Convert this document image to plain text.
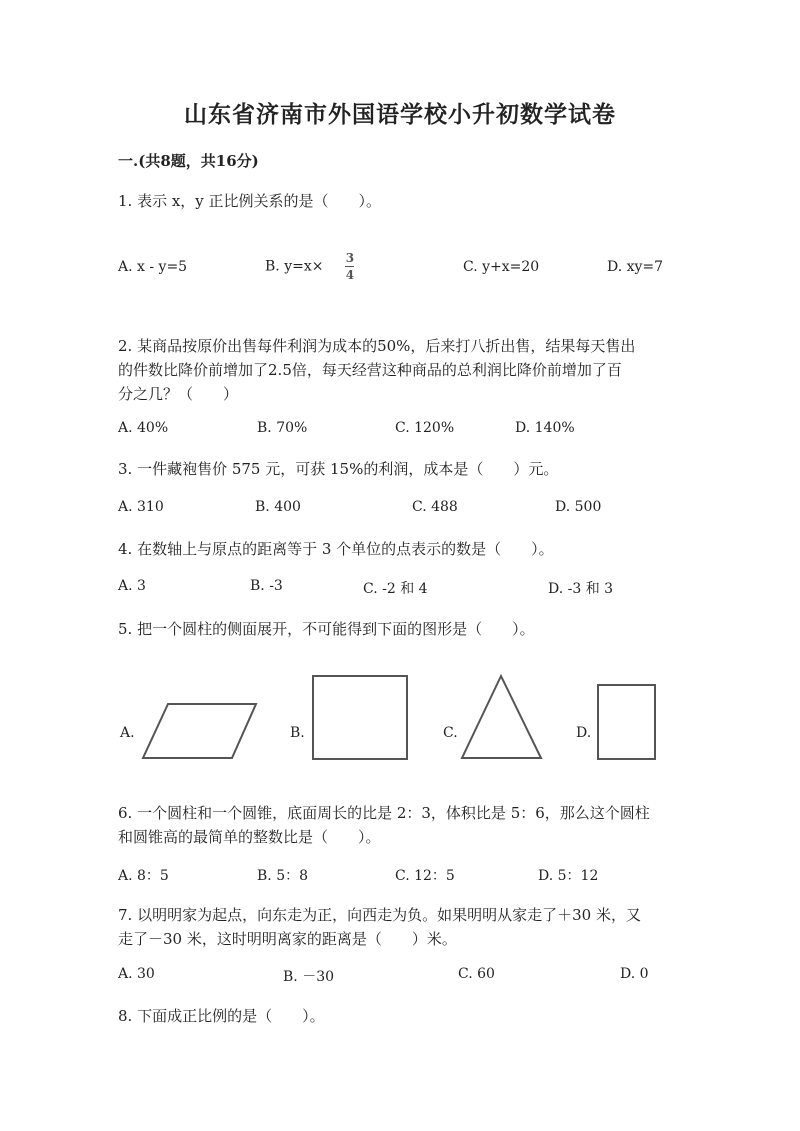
山东省济南市外国语学校小升初数学试卷
一.(共8题，共16分)
1. 表示 x，y 正比例关系的是（　　）。
A. x - y=5	B. $y=x\times \frac{3}{4}$	C. y+x=20	D. xy=7
2. 某商品按原价出售每件利润为成本的50%，后来打八折出售，结果每天售出
的件数比降价前增加了2.5倍，每天经营这种商品的总利润比降价前增加了百
分之几？（　　）
A. 40%	B. 70%	C. 120%	D. 140%
3. 一件藏袍售价 575 元，可获 15%的利润，成本是（　　）元。
A. 310	B. 400	C. 488	D. 500
4. 在数轴上与原点的距离等于 3 个单位的点表示的数是（　　）。
A. 3	B. -3	C. -2 和 4	D. -3 和 3
5. 把一个圆柱的侧面展开，不可能得到下面的图形是（　　）。
A.	B.	C.	D.
6. 一个圆柱和一个圆锥，底面周长的比是 2：3，体积比是 5：6，那么这个圆柱
和圆锥高的最简单的整数比是（　　）。
A. 8：5	B. 5：8	C. 12：5	D. 5：12
7. 以明明家为起点，向东走为正，向西走为负。如果明明从家走了＋30 米，又
走了－30 米，这时明明离家的距离是（　　）米。
A. 30	B. －30	C. 60	D. 0
8. 下面成正比例的是（　　）。
